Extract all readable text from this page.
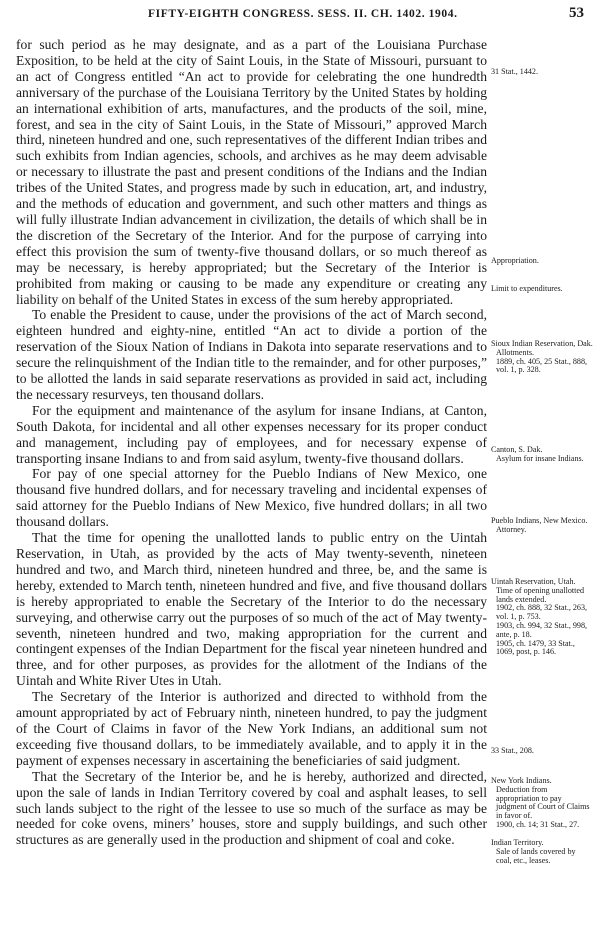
FIFTY-EIGHTH CONGRESS. SESS. II. CH. 1402. 1904.	53

for such period as he may designate, and as a part of the Louisiana Purchase Exposition, to be held at the city of Saint Louis, in the State of Missouri, pursuant to an act of Congress entitled “An act to provide for celebrating the one hundredth anniversary of the purchase of the Louisiana Territory by the United States by holding an international exhibition of arts, manufactures, and the products of the soil, mine, forest, and sea in the city of Saint Louis, in the State of Missouri,” approved March third, nineteen hundred and one, such representatives of the different Indian tribes and such exhibits from Indian agencies, schools, and archives as he may deem advisable or necessary to illustrate the past and present conditions of the Indians and the Indian tribes of the United States, and progress made by such in education, art, and industry, and the methods of education and government, and such other matters and things as will fully illustrate Indian advancement in civilization, the details of which shall be in the discretion of the Secretary of the Interior. And for the purpose of carrying into effect this provision the sum of twenty-five thousand dollars, or so much thereof as may be necessary, is hereby appropriated; but the Secretary of the Interior is prohibited from making or causing to be made any expenditure or creating any liability on behalf of the United States in excess of the sum hereby appropriated.

To enable the President to cause, under the provisions of the act of March second, eighteen hundred and eighty-nine, entitled “An act to divide a portion of the reservation of the Sioux Nation of Indians in Dakota into separate reservations and to secure the relinquishment of the Indian title to the remainder, and for other purposes,” to be allotted the lands in said separate reservations as provided in said act, including the necessary resurveys, ten thousand dollars.

For the equipment and maintenance of the asylum for insane Indians, at Canton, South Dakota, for incidental and all other expenses necessary for its proper conduct and management, including pay of employees, and for necessary expense of transporting insane Indians to and from said asylum, twenty-five thousand dollars.

For pay of one special attorney for the Pueblo Indians of New Mexico, one thousand five hundred dollars, and for necessary traveling and incidental expenses of said attorney for the Pueblo Indians of New Mexico, five hundred dollars; in all two thousand dollars.

That the time for opening the unallotted lands to public entry on the Uintah Reservation, in Utah, as provided by the acts of May twenty-seventh, nineteen hundred and two, and March third, nineteen hundred and three, be, and the same is hereby, extended to March tenth, nineteen hundred and five, and five thousand dollars is hereby appropriated to enable the Secretary of the Interior to do the necessary surveying, and otherwise carry out the purposes of so much of the act of May twenty-seventh, nineteen hundred and two, making appropriation for the current and contingent expenses of the Indian Department for the fiscal year nineteen hundred and three, and for other purposes, as provides for the allotment of the Indians of the Uintah and White River Utes in Utah.

The Secretary of the Interior is authorized and directed to withhold from the amount appropriated by act of February ninth, nineteen hundred, to pay the judgment of the Court of Claims in favor of the New York Indians, an additional sum not exceeding five thousand dollars, to be immediately available, and to apply it in the payment of expenses necessary in ascertaining the beneficiaries of said judgment.

That the Secretary of the Interior be, and he is hereby, authorized and directed, upon the sale of lands in Indian Territory covered by coal and asphalt leases, to sell such lands subject to the right of the lessee to use so much of the surface as may be needed for coke ovens, miners’ houses, store and supply buildings, and such other structures as are generally used in the production and shipment of coal and coke.

31 Stat., 1442.
Appropriation.
Limit to expenditures.
Sioux Indian Reservation, Dak.
Allotments.
1889, ch. 405, 25 Stat., 888, vol. 1, p. 328.
Canton, S. Dak.
Asylum for insane Indians.
Pueblo Indians, New Mexico.
Attorney.
Uintah Reservation, Utah.
Time of opening unallotted lands extended.
1902, ch. 888, 32 Stat., 263, vol. 1, p. 753.
1903, ch. 994, 32 Stat., 998, ante, p. 18.
1905, ch. 1479, 33 Stat., 1069, post, p. 146.
33 Stat., 208.
New York Indians.
Deduction from appropriation to pay judgment of Court of Claims in favor of.
1900, ch. 14; 31 Stat., 27.
Indian Territory.
Sale of lands covered by coal, etc., leases.
